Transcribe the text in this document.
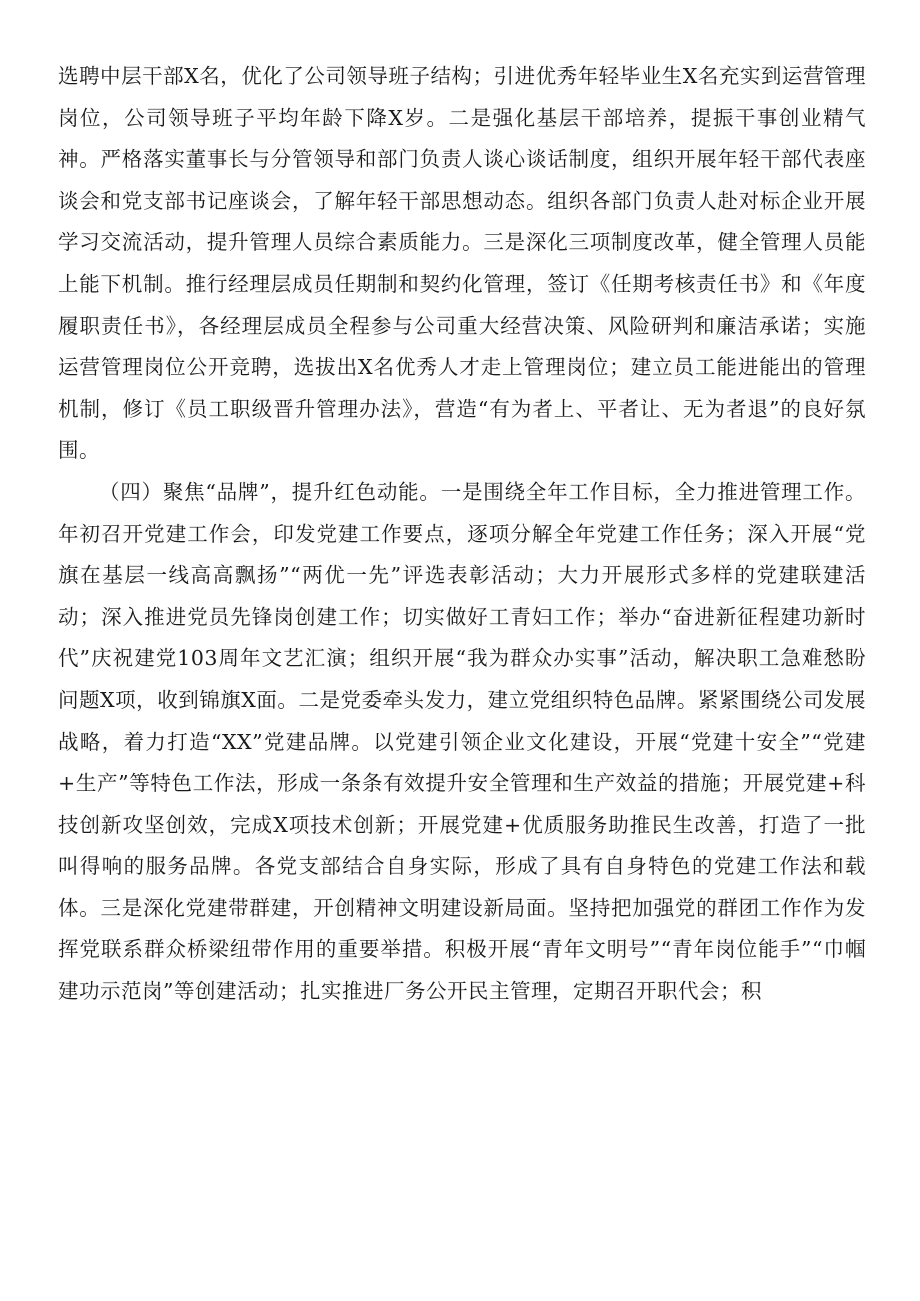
选聘中层干部X名，优化了公司领导班子结构；引进优秀年轻毕业生X名充实到运营管理岗位，公司领导班子平均年龄下降X岁。二是强化基层干部培养，提振干事创业精气神。严格落实董事长与分管领导和部门负责人谈心谈话制度，组织开展年轻干部代表座谈会和党支部书记座谈会，了解年轻干部思想动态。组织各部门负责人赴对标企业开展学习交流活动，提升管理人员综合素质能力。三是深化三项制度改革，健全管理人员能上能下机制。推行经理层成员任期制和契约化管理，签订《任期考核责任书》和《年度履职责任书》，各经理层成员全程参与公司重大经营决策、风险研判和廉洁承诺；实施运营管理岗位公开竞聘，选拔出X名优秀人才走上管理岗位；建立员工能进能出的管理机制，修订《员工职级晋升管理办法》，营造“有为者上、平者让、无为者退”的良好氛围。

（四）聚焦“品牌”，提升红色动能。一是围绕全年工作目标，全力推进管理工作。年初召开党建工作会，印发党建工作要点，逐项分解全年党建工作任务；深入开展“党旗在基层一线高高飘扬”“两优一先”评选表彰活动；大力开展形式多样的党建联建活动；深入推进党员先锋岗创建工作；切实做好工青妇工作；举办“奋进新征程建功新时代”庆祝建党103周年文艺汇演；组织开展“我为群众办实事”活动，解决职工急难愁盼问题X项，收到锦旗X面。二是党委牵头发力，建立党组织特色品牌。紧紧围绕公司发展战略，着力打造“XX”党建品牌。以党建引领企业文化建设，开展“党建十安全”“党建+生产”等特色工作法，形成一条条有效提升安全管理和生产效益的措施；开展党建+科技创新攻坚创效，完成X项技术创新；开展党建+优质服务助推民生改善，打造了一批叫得响的服务品牌。各党支部结合自身实际，形成了具有自身特色的党建工作法和载体。三是深化党建带群建，开创精神文明建设新局面。坚持把加强党的群团工作作为发挥党联系群众桥梁纽带作用的重要举措。积极开展“青年文明号”“青年岗位能手”“巾帼建功示范岗”等创建活动；扎实推进厂务公开民主管理，定期召开职代会；积
